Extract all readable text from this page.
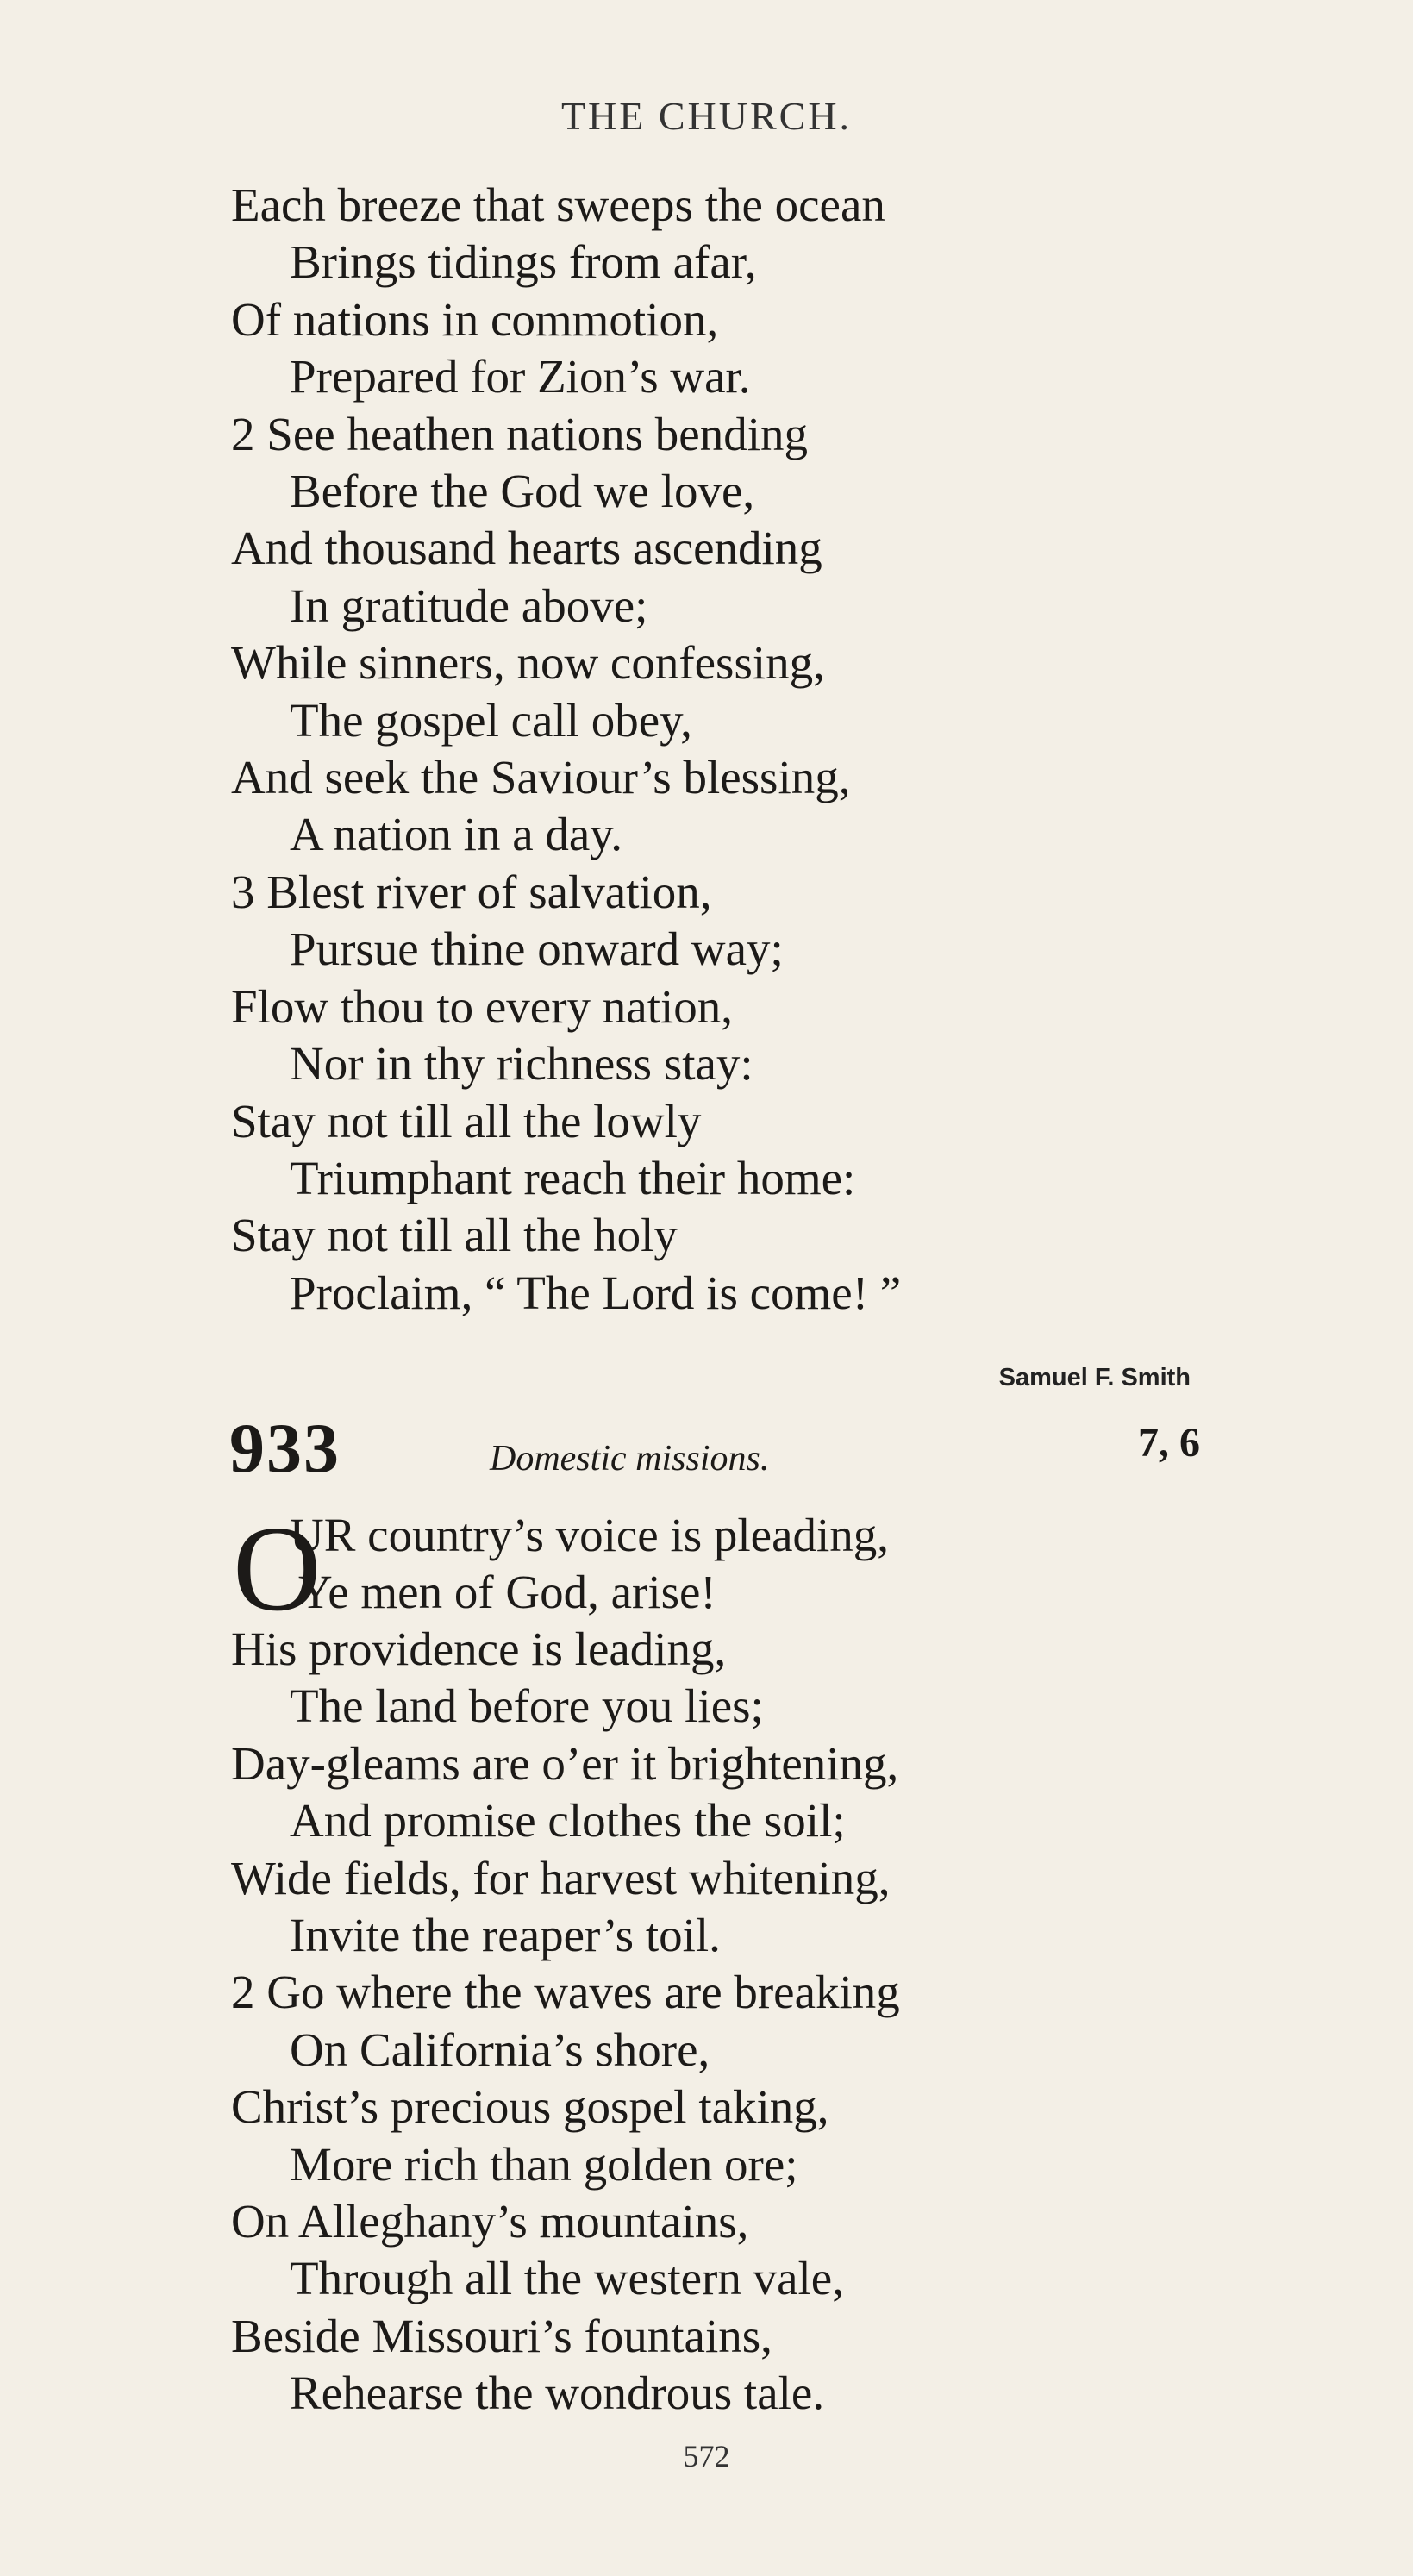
THE CHURCH.
Each breeze that sweeps the ocean
Brings tidings from afar,
Of nations in commotion,
Prepared for Zion’s war.
2 See heathen nations bending
Before the God we love,
And thousand hearts ascending
In gratitude above;
While sinners, now confessing,
The gospel call obey,
And seek the Saviour’s blessing,
A nation in a day.
3 Blest river of salvation,
Pursue thine onward way;
Flow thou to every nation,
Nor in thy richness stay:
Stay not till all the lowly
Triumphant reach their home:
Stay not till all the holy
Proclaim, “ The Lord is come! ”
Samuel F. Smith
933	Domestic missions.	7, 6
O
UR country’s voice is pleading,
Ye men of God, arise!
His providence is leading,
The land before you lies;
Day-gleams are o’er it brightening,
And promise clothes the soil;
Wide fields, for harvest whitening,
Invite the reaper’s toil.
2 Go where the waves are breaking
On California’s shore,
Christ’s precious gospel taking,
More rich than golden ore;
On Alleghany’s mountains,
Through all the western vale,
Beside Missouri’s fountains,
Rehearse the wondrous tale.
572
